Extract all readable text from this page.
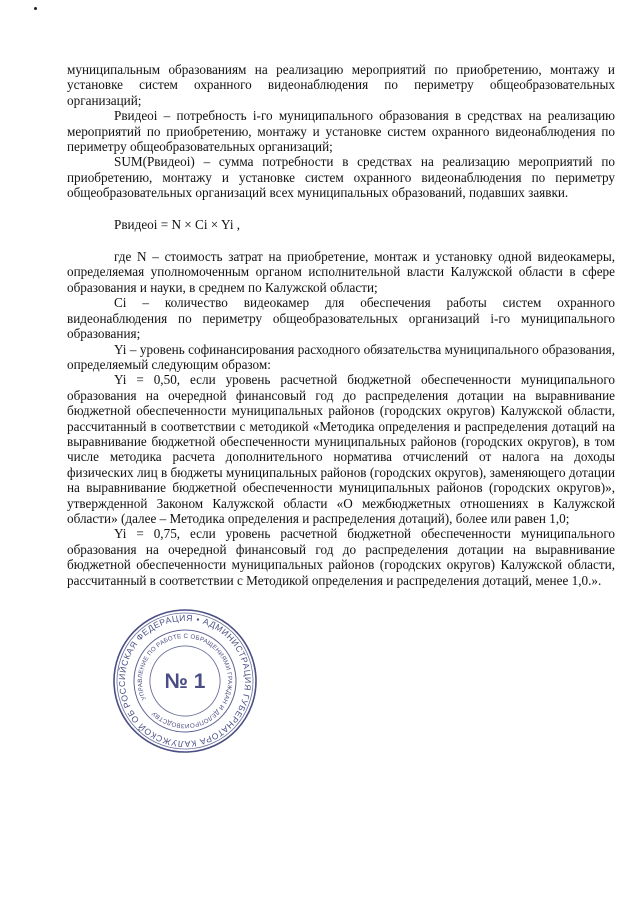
муниципальным образованиям на реализацию мероприятий по приобретению, монтажу и установке систем охранного видеонаблюдения по периметру общеобразовательных организаций;

Pвидеоi – потребность i-го муниципального образования в средствах на реализацию мероприятий по приобретению, монтажу и установке систем охранного видеонаблюдения по периметру общеобразовательных организаций;

SUM(Pвидеоi) – сумма потребности в средствах на реализацию мероприятий по приобретению, монтажу и установке систем охранного видеонаблюдения по периметру общеобразовательных организаций всех муниципальных образований, подавших заявки.

Pвидеоi = N × Ci × Yi ,

где N – стоимость затрат на приобретение, монтаж и установку одной видеокамеры, определяемая уполномоченным органом исполнительной власти Калужской области в сфере образования и науки, в среднем по Калужской области;

Ci – количество видеокамер для обеспечения работы систем охранного видеонаблюдения по периметру общеобразовательных организаций i-го муниципального образования;

Yi – уровень софинансирования расходного обязательства муниципального образования, определяемый следующим образом:

Yi = 0,50, если уровень расчетной бюджетной обеспеченности муниципального образования на очередной финансовый год до распределения дотации на выравнивание бюджетной обеспеченности муниципальных районов (городских округов) Калужской области, рассчитанный в соответствии с методикой «Методика определения и распределения дотаций на выравнивание бюджетной обеспеченности муниципальных районов (городских округов), в том числе методика расчета дополнительного норматива отчислений от налога на доходы физических лиц в бюджеты муниципальных районов (городских округов), заменяющего дотации на выравнивание бюджетной обеспеченности муниципальных районов (городских округов)», утвержденной Законом Калужской области «О межбюджетных отношениях в Калужской области» (далее – Методика определения и распределения дотаций), более или равен 1,0;

Yi = 0,75, если уровень расчетной бюджетной обеспеченности муниципального образования на очередной финансовый год до распределения дотации на выравнивание бюджетной обеспеченности муниципальных районов (городских округов) Калужской области, рассчитанный в соответствии с Методикой определения и распределения дотаций, менее 1,0.».

РОССИЙСКАЯ ФЕДЕРАЦИЯ • АДМИНИСТРАЦИЯ ГУБЕРНАТОРА КАЛУЖСКОЙ ОБЛАСТИ
УПРАВЛЕНИЕ ПО РАБОТЕ С ОБРАЩЕНИЯМИ ГРАЖДАН И ДЕЛОПРОИЗВОДСТВУ
№ 1
